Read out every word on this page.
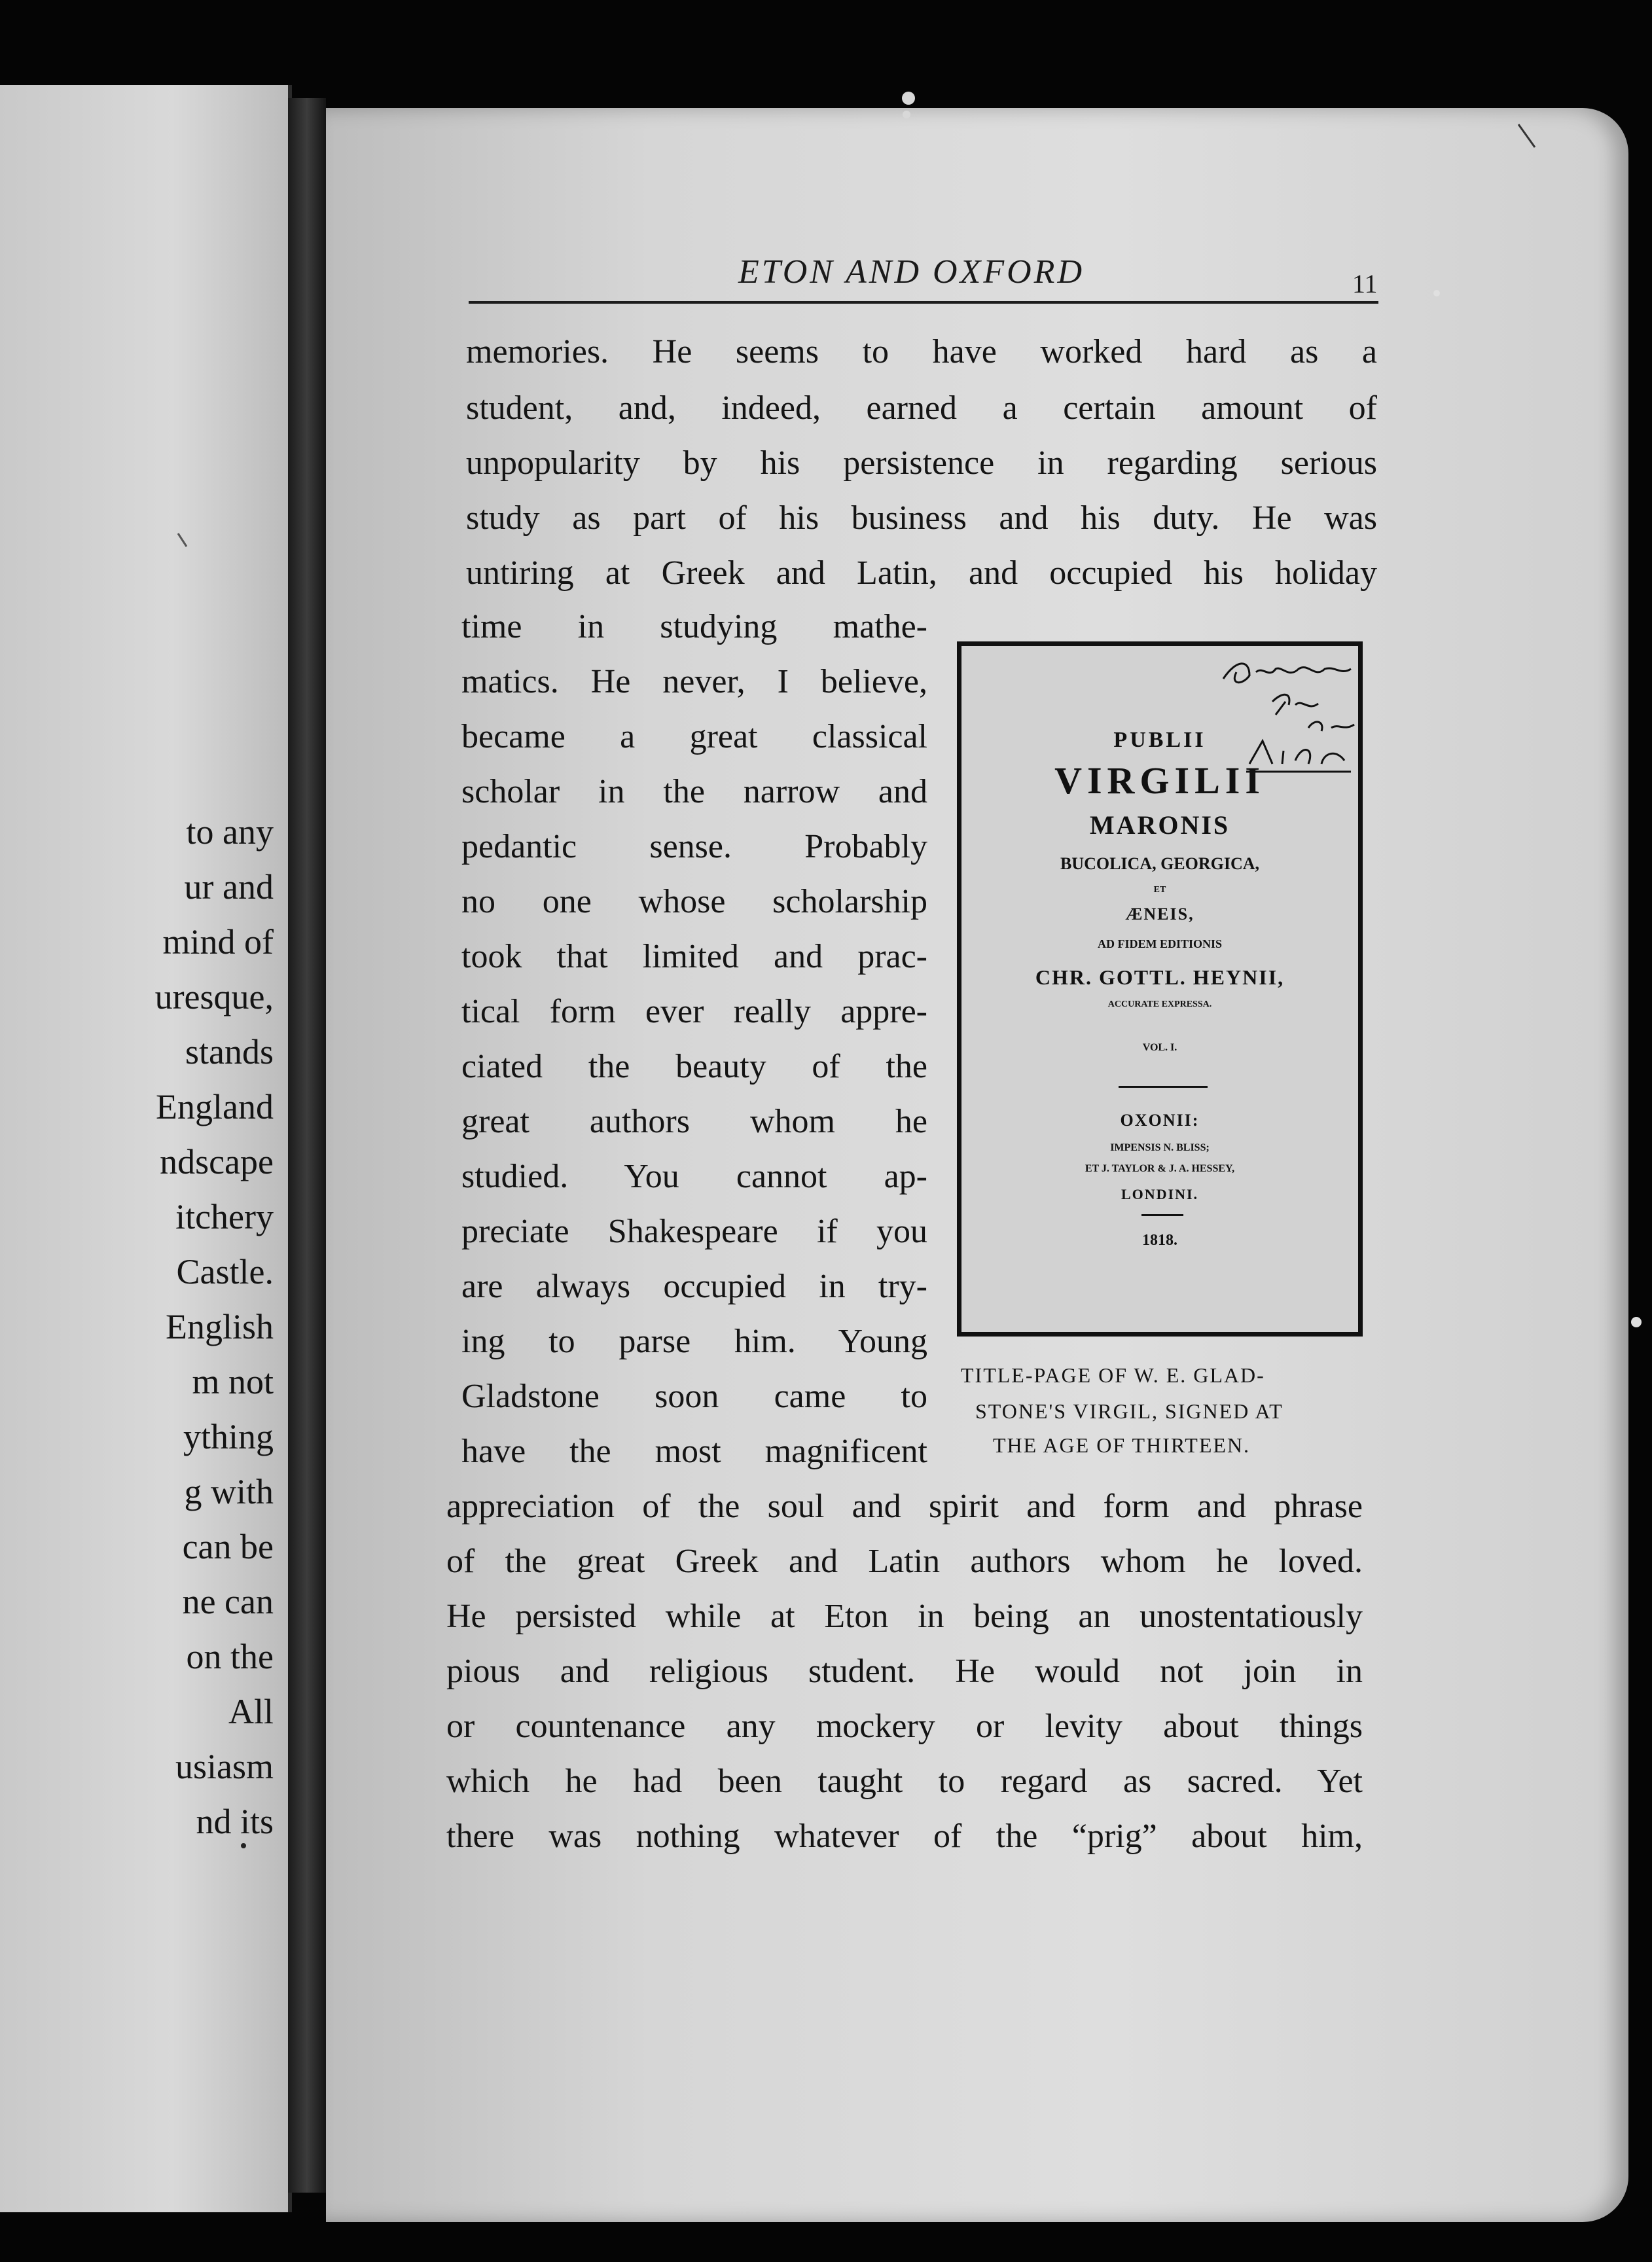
to any

ur and

mind of

uresque,

stands

England

ndscape

itchery

Castle.

English

m not

ything

g with

can be

ne can

on the

All

usiasm

nd its

ETON AND OXFORD	11

memories. He seems to have worked hard as a

student, and, indeed, earned a certain amount of

unpopularity by his persistence in regarding serious

study as part of his business and his duty. He was

untiring at Greek and Latin, and occupied his holiday

time in studying mathe-

matics. He never, I believe,

became a great classical

scholar in the narrow and

pedantic sense. Probably

no one whose scholarship

took that limited and prac-

tical form ever really appre-

ciated the beauty of the

great authors whom he

studied. You cannot ap-

preciate Shakespeare if you

are always occupied in try-

ing to parse him. Young

Gladstone soon came to

have the most magnificent

appreciation of the soul and spirit and form and phrase

of the great Greek and Latin authors whom he loved.

He persisted while at Eton in being an unostentatiously

pious and religious student. He would not join in

or countenance any mockery or levity about things

which he had been taught to regard as sacred. Yet

there was nothing whatever of the “prig” about him,

PUBLII

VIRGILII

MARONIS

BUCOLICA, GEORGICA,

ET

ÆNEIS,

AD FIDEM EDITIONIS

CHR. GOTTL. HEYNII,

ACCURATE EXPRESSA.

VOL. I.

OXONII:

IMPENSIS N. BLISS;

ET J. TAYLOR & J. A. HESSEY,

LONDINI.

1818.

TITLE-PAGE OF W. E. GLAD-

STONE'S VIRGIL, SIGNED AT

THE AGE OF THIRTEEN.
